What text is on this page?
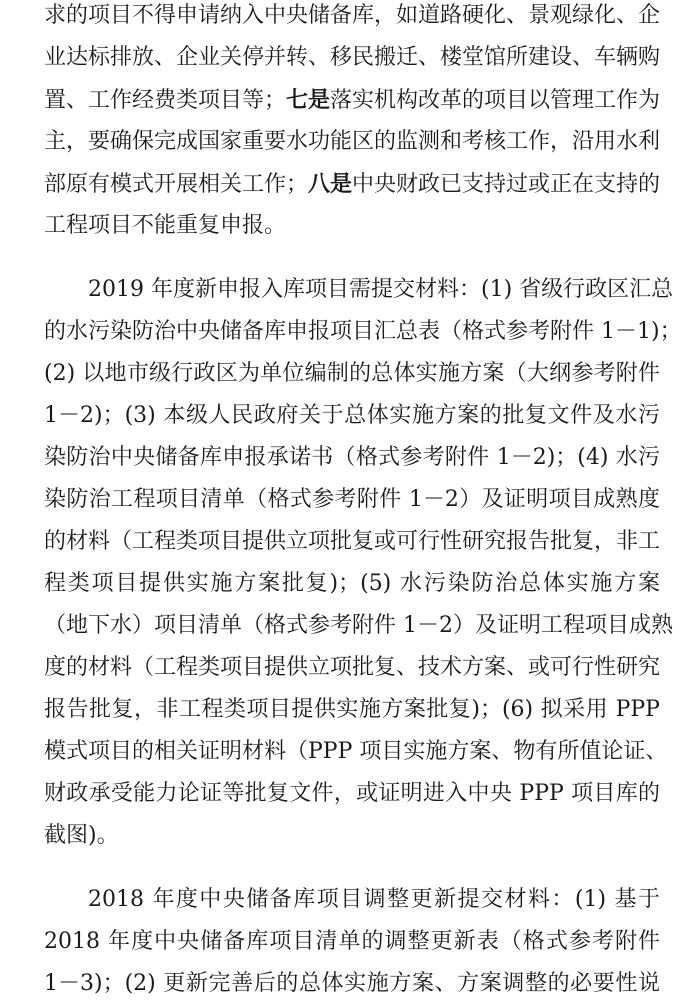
求的项目不得申请纳入中央储备库，如道路硬化、景观绿化、企
业达标排放、企业关停并转、移民搬迁、楼堂馆所建设、车辆购
置、工作经费类项目等；七是落实机构改革的项目以管理工作为
主，要确保完成国家重要水功能区的监测和考核工作，沿用水利
部原有模式开展相关工作；八是中央财政已支持过或正在支持的
工程项目不能重复申报。
2019 年度新申报入库项目需提交材料：(1) 省级行政区汇总
的水污染防治中央储备库申报项目汇总表（格式参考附件 1－1)；
(2) 以地市级行政区为单位编制的总体实施方案（大纲参考附件
1－2)；(3) 本级人民政府关于总体实施方案的批复文件及水污
染防治中央储备库申报承诺书（格式参考附件 1－2)；(4) 水污
染防治工程项目清单（格式参考附件 1－2）及证明项目成熟度
的材料（工程类项目提供立项批复或可行性研究报告批复，非工
程类项目提供实施方案批复)；(5) 水污染防治总体实施方案
（地下水）项目清单（格式参考附件 1－2）及证明工程项目成熟
度的材料（工程类项目提供立项批复、技术方案、或可行性研究
报告批复，非工程类项目提供实施方案批复)；(6) 拟采用 PPP
模式项目的相关证明材料（PPP 项目实施方案、物有所值论证、
财政承受能力论证等批复文件，或证明进入中央 PPP 项目库的
截图)。
2018 年度中央储备库项目调整更新提交材料：(1) 基于
2018 年度中央储备库项目清单的调整更新表（格式参考附件
1－3)；(2) 更新完善后的总体实施方案、方案调整的必要性说
